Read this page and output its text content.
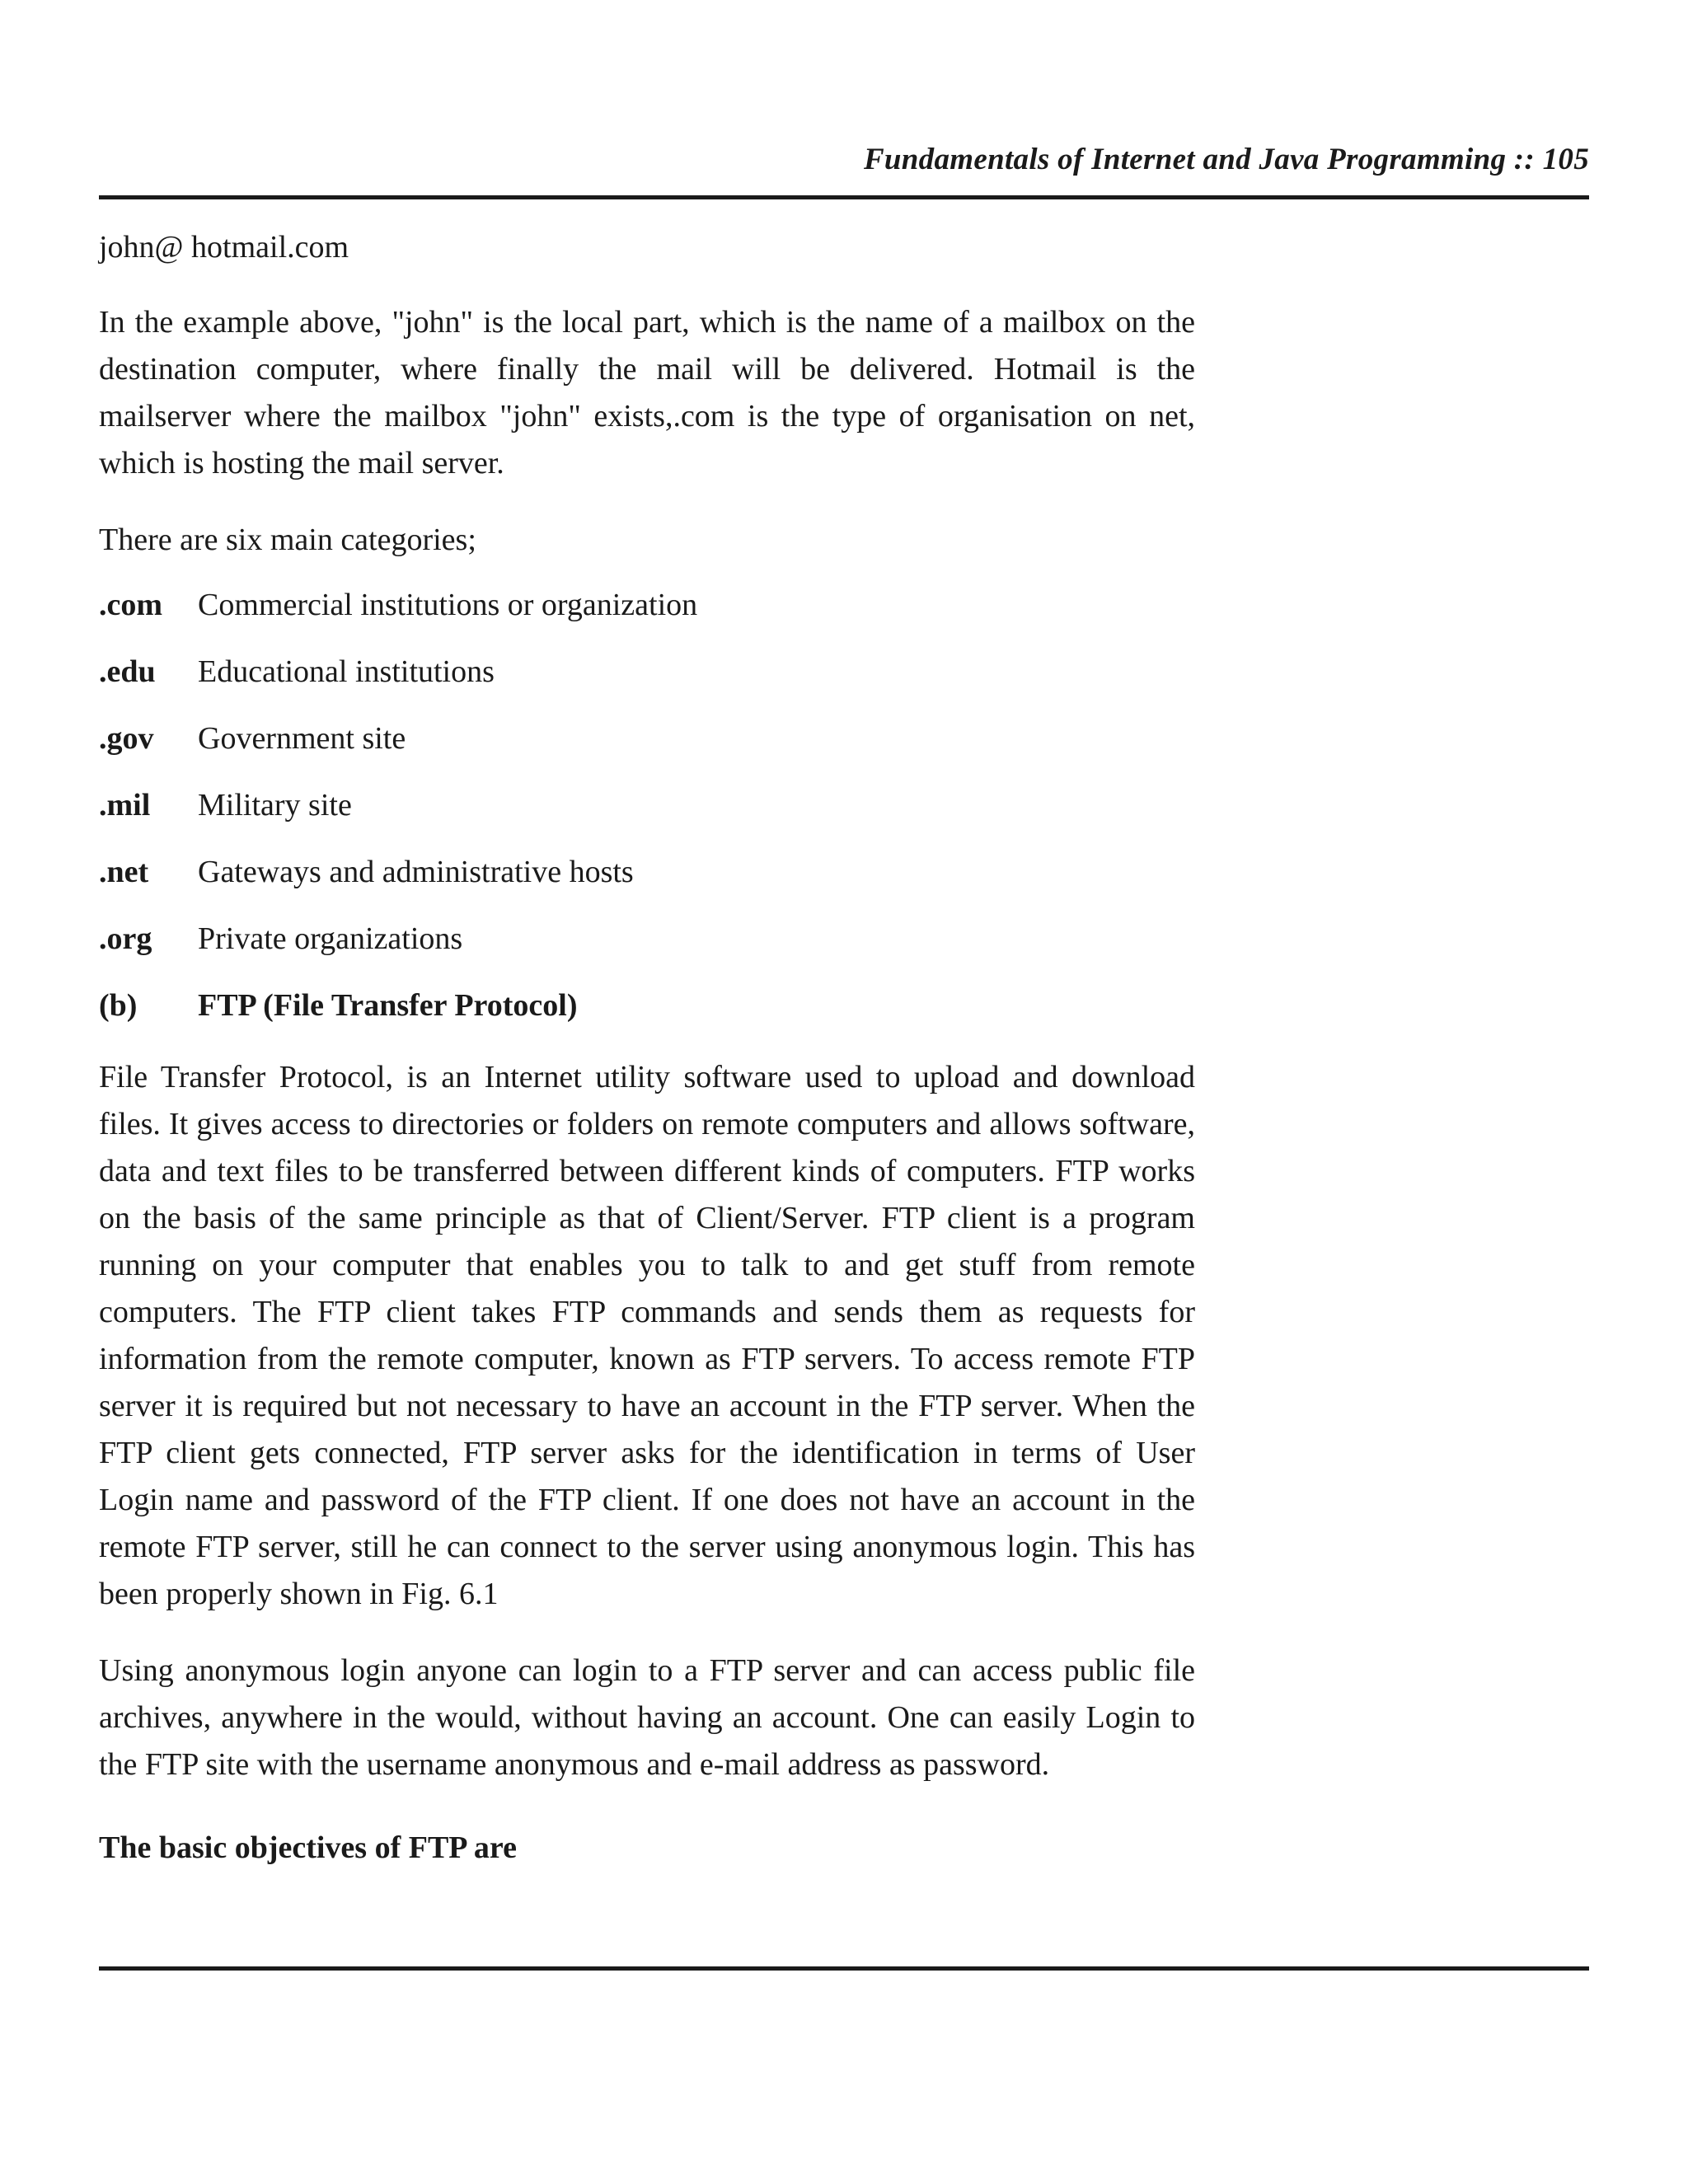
Fundamentals of Internet and Java Programming :: 105

john@ hotmail.com

In the example above, "john" is the local part, which is the name of a mailbox on the destination computer, where finally the mail will be delivered. Hotmail is the mailserver where the mailbox "john" exists,.com is the type of organisation on net, which is hosting the mail server.

There are six main categories;

.com	Commercial institutions or organization
.edu	Educational institutions
.gov	Government site
.mil	Military site
.net	Gateways and administrative hosts
.org	Private organizations
(b)	FTP (File Transfer Protocol)

File Transfer Protocol, is an Internet utility software used to upload and download files. It gives access to directories or folders on remote computers and allows software, data and text files to be transferred between different kinds of computers. FTP works on the basis of the same principle as that of Client/Server. FTP client is a program running on your computer that enables you to talk to and get stuff from remote computers. The FTP client takes FTP commands and sends them as requests for information from the remote computer, known as FTP servers. To access remote FTP server it is required but not necessary to have an account in the FTP server. When the FTP client gets connected, FTP server asks for the identification in terms of User Login name and password of the FTP client. If one does not have an account in the remote FTP server, still he can connect to the server using anonymous login. This has been properly shown in Fig. 6.1

Using anonymous login anyone can login to a FTP server and can access public file archives, anywhere in the would, without having an account. One can easily Login to the FTP site with the username anonymous and e-mail address as password.

The basic objectives of FTP are
